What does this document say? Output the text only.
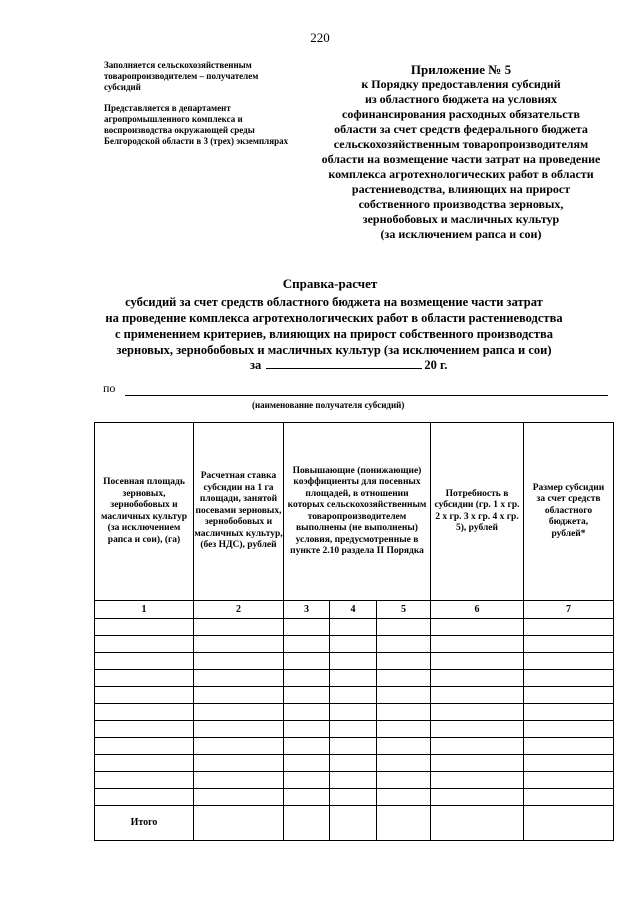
220

Заполняется сельскохозяйственным товаропроизводителем – получателем субсидий

Представляется в департамент агропромышленного комплекса и воспроизводства окружающей среды Белгородской области в 3 (трех) экземплярах

Приложение № 5
к Порядку предоставления субсидий
из областного бюджета на условиях
софинансирования расходных обязательств
области за счет средств федерального бюджета
сельскохозяйственным товаропроизводителям
области на возмещение части затрат на проведение
комплекса агротехнологических работ в области
растениеводства, влияющих на прирост
собственного производства зерновых,
зернобобовых и масличных культур
(за исключением рапса и сои)
Справка-расчет
субсидий за счет средств областного бюджета на возмещение части затрат
на проведение комплекса агротехнологических работ в области растениеводства
с применением критериев, влияющих на прирост собственного производства
зерновых, зернобобовых и масличных культур (за исключением рапса и сои)
за	20 г.
по
(наименование получателя субсидий)
Посевная площадь зерновых, зернобобовых и масличных культур (за исключением рапса и сои), (га)	Расчетная ставка субсидии на 1 га площади, занятой посевами зерновых, зернобобовых и масличных культур, (без НДС), рублей	Повышающие (понижающие) коэффициенты для посевных площадей, в отношении которых сельскохозяйственным товаропроизводителем выполнены (не выполнены) условия, предусмотренные в пункте 2.10 раздела II Порядка			Потребность в субсидии (гр. 1 х гр. 2 х гр. 3 х гр. 4 х гр. 5), рублей	Размер субсидии за счет средств областного бюджета, рублей*
1	2	3	4	5	6	7

Итого						
